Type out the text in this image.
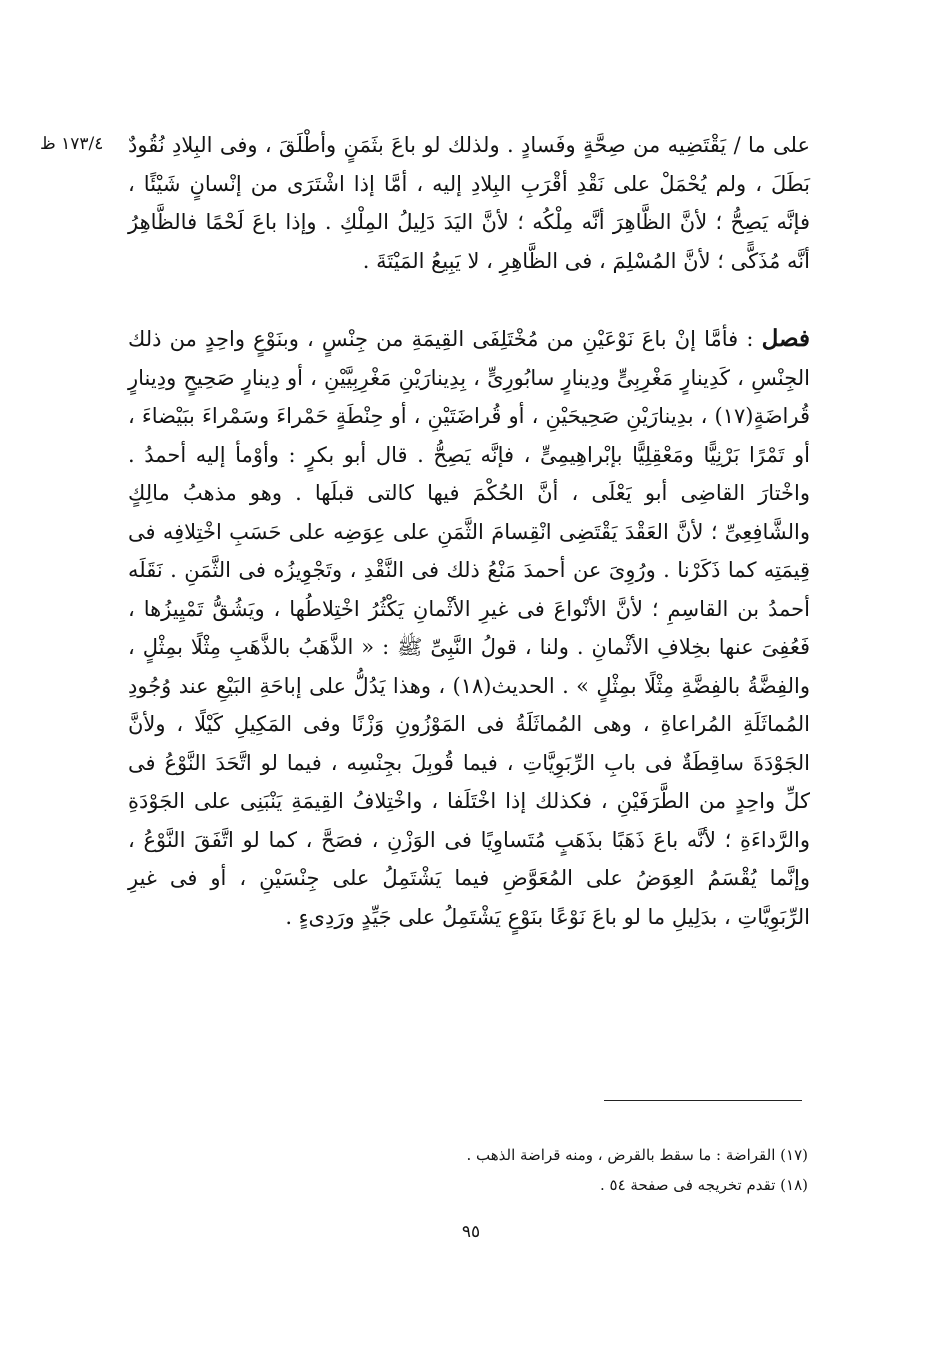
١٧٣/٤ ظ على ما / يَقْتَضِيه من صِحَّةٍ وفَسادٍ . ولذلك لو باعَ بثَمَنٍ وأطْلَقَ ، وفى البِلادِ نُقُودٌ بَطَلَ ، ولم يُحْمَلْ على نَقْدِ أقْرَبِ البِلادِ إليه ، أمَّا إذا اشْتَرَى من إنْسانٍ شَيْئًا ، فإنَّه يَصِحُّ ؛ لأنَّ الظَّاهِرَ أنَّه مِلْكُه ؛ لأنَّ اليَدَ دَلِيلُ المِلْكِ . وإذا باعَ لَحْمًا فالظَّاهِرُ أنَّه مُذَكًّى ؛ لأنَّ المُسْلِمَ ، فى الظَّاهِرِ ، لا يَبِيعُ المَيْتَةَ .

فصل : فأمَّا إنْ باعَ نَوْعَيْنِ من مُخْتَلِفَى القِيمَةِ من جِنْسٍ ، وبنَوْعٍ واحِدٍ من ذلك الجِنْسِ ، كَدِينارٍ مَغْرِبِىٍّ ودِينارٍ سابُورِىٍّ ، بِدِينارَيْنِ مَغْرِبِيَّيْنِ ، أو دِينارٍ صَحِيحٍ ودِينارٍ قُراضَةٍ(١٧) ، بدِينارَيْنِ صَحِيحَيْنِ ، أو قُراضَتَيْنِ ، أو حِنْطَةٍ حَمْراءَ وسَمْراءَ ببَيْضاءَ ، أو تَمْرًا بَرْنِيًّا ومَعْقِلِيًّا بإبْراهِيمِىٍّ ، فإنَّه يَصِحُّ . قال أبو بكرٍ : وأوْمأ إليه أحمدُ . واخْتارَ القاضِى أبو يَعْلَى ، أنَّ الحُكْمَ فيها كالتى قبلَها . وهو مذهبُ مالِكٍ والشَّافِعِىِّ ؛ لأنَّ العَقْدَ يَقْتَضِى انْقِسامَ الثَّمَنِ على عِوَضِه على حَسَبِ اخْتِلافِه فى قِيمَتِه كما ذَكَرْنا . ورُوِىَ عن أحمدَ مَنْعُ ذلك فى النَّقْدِ ، وتَجْوِيزُه فى الثَّمَنِ . نَقَلَه أحمدُ بن القاسِمِ ؛ لأنَّ الأنْواعَ فى غيرِ الأثْمانِ يَكْثُرُ اخْتِلاطُها ، ويَشُقُّ تَمْيِيزُها ، فَعُفِىَ عنها بخِلافِ الأثْمانِ . ولنا ، قولُ النَّبِىِّ ﷺ : « الذَّهَبُ بالذَّهَبِ مِثْلًا بمِثْلٍ ، والفِضَّةُ بالفِضَّةِ مِثْلًا بمِثْلٍ » . الحديث(١٨) ، وهذا يَدُلُّ على إباحَةِ البَيْعِ عند وُجُودِ المُماثَلَةِ المُراعاةِ ، وهى المُماثَلَةُ فى المَوْزُونِ وَزْنًا وفى المَكِيلِ كَيْلًا ، ولأنَّ الجَوْدَةَ ساقِطَةٌ فى بابِ الرِّبَوِيَّاتِ ، فيما قُوبِلَ بجِنْسِه ، فيما لو اتَّحَدَ النَّوْعُ فى كلِّ واحِدٍ من الطَّرَفَيْنِ ، فكذلك إذا اخْتَلَفا ، واخْتِلافُ القِيمَةِ يَنْبَنِى على الجَوْدَةِ والرَّداءَةِ ؛ لأنَّه باعَ ذَهَبًا بذَهَبٍ مُتَساوِيًا فى الوَزْنِ ، فصَحَّ ، كما لو اتَّفَقَ النَّوْعُ ، وإنَّما يُقْسَمُ العِوَضُ على المُعَوَّضِ فيما يَشْتَمِلُ على جِنْسَيْنِ ، أو فى غيرِ الرِّبَوِيَّاتِ ، بدَلِيلِ ما لو باعَ نَوْعًا بنَوْعٍ يَشْتَمِلُ على جَيِّدٍ ورَدِىءٍ .

(١٧) القراضة : ما سقط بالقرض ، ومنه قراضة الذهب .

(١٨) تقدم تخريجه فى صفحة ٥٤ .

٩٥
